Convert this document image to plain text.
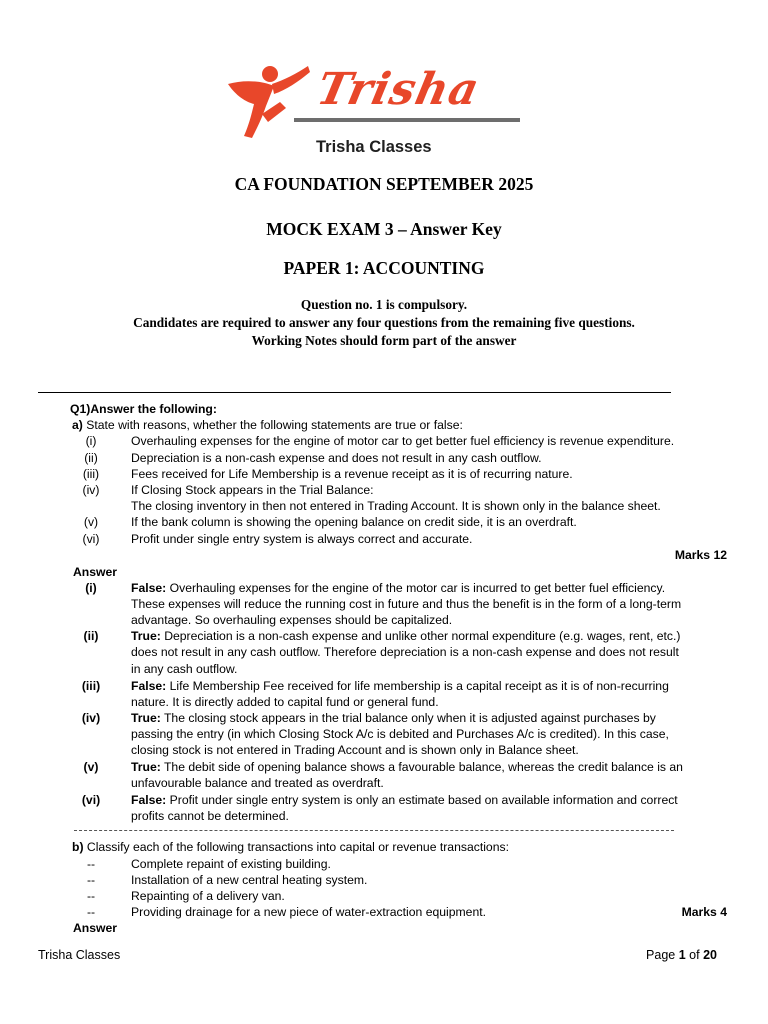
Trisha
Trisha Classes
CA FOUNDATION SEPTEMBER 2025
MOCK EXAM 3 – Answer Key
PAPER 1: ACCOUNTING
Question no. 1 is compulsory.
Candidates are required to answer any four questions from the remaining five questions.
Working Notes should form part of the answer
Q1)Answer the following:
a) State with reasons, whether the following statements are true or false:
(i)	Overhauling expenses for the engine of motor car to get better fuel efficiency is revenue expenditure.
(ii)	Depreciation is a non-cash expense and does not result in any cash outflow.
(iii)	Fees received for Life Membership is a revenue receipt as it is of recurring nature.
(iv)	If Closing Stock appears in the Trial Balance:
The closing inventory in then not entered in Trading Account. It is shown only in the balance sheet.
(v)	If the bank column is showing the opening balance on credit side, it is an overdraft.
(vi)	Profit under single entry system is always correct and accurate.
Marks 12
Answer
(i)	False: Overhauling expenses for the engine of the motor car is incurred to get better fuel efficiency.
These expenses will reduce the running cost in future and thus the benefit is in the form of a long-term
advantage. So overhauling expenses should be capitalized.
(ii)	True: Depreciation is a non-cash expense and unlike other normal expenditure (e.g. wages, rent, etc.)
does not result in any cash outflow. Therefore depreciation is a non-cash expense and does not result
in any cash outflow.
(iii)	False: Life Membership Fee received for life membership is a capital receipt as it is of non-recurring
nature. It is directly added to capital fund or general fund.
(iv)	True: The closing stock appears in the trial balance only when it is adjusted against purchases by
passing the entry (in which Closing Stock A/c is debited and Purchases A/c is credited). In this case,
closing stock is not entered in Trading Account and is shown only in Balance sheet.
(v)	True: The debit side of opening balance shows a favourable balance, whereas the credit balance is an
unfavourable balance and treated as overdraft.
(vi)	False: Profit under single entry system is only an estimate based on available information and correct
profits cannot be determined.
b) Classify each of the following transactions into capital or revenue transactions:
--	Complete repaint of existing building.
--	Installation of a new central heating system.
--	Repainting of a delivery van.
--	Providing drainage for a new piece of water-extraction equipment.	Marks 4
Answer
Trisha Classes	Page 1 of 20
